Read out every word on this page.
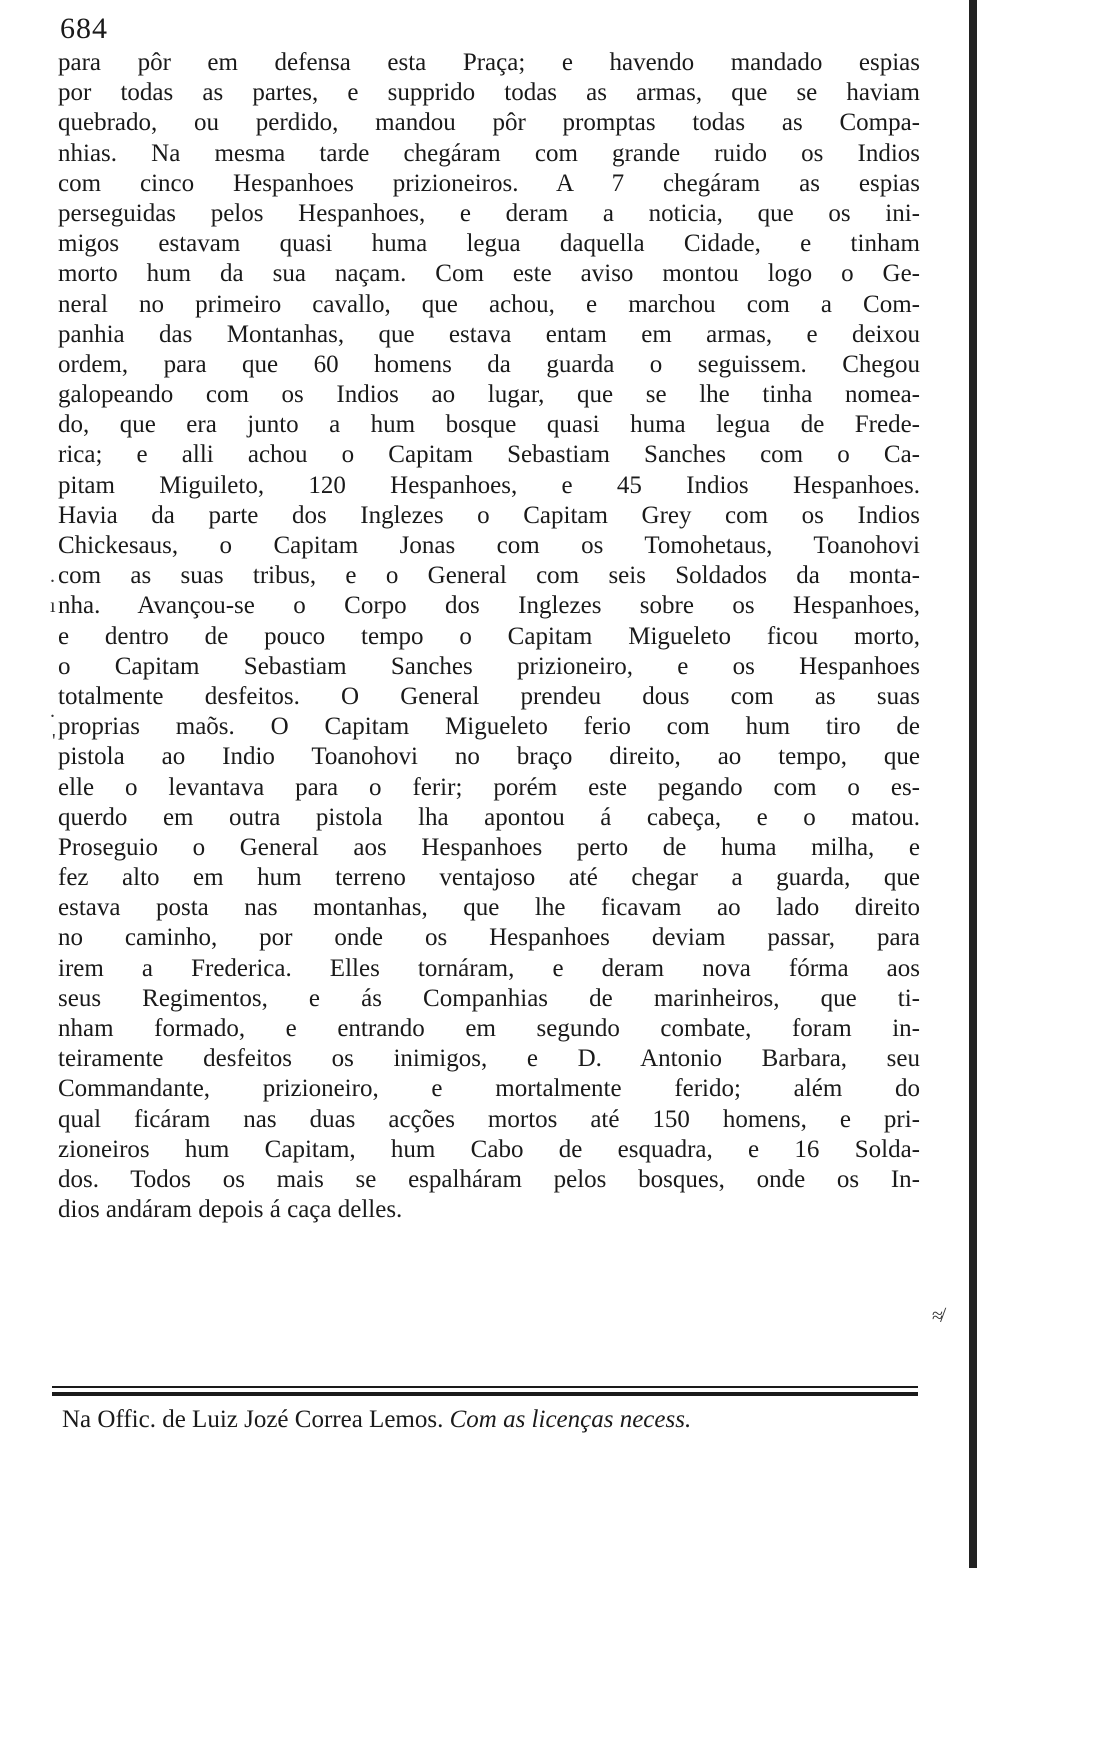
684
para pôr em defensa esta Praça; e havendo mandado espias
por todas as partes, e supprido todas as armas, que se haviam
quebrado, ou perdido, mandou pôr promptas todas as Compa-
nhias. Na mesma tarde chegáram com grande ruido os Indios
com cinco Hespanhoes prizioneiros. A 7 chegáram as espias
perseguidas pelos Hespanhoes, e deram a noticia, que os ini-
migos estavam quasi huma legua daquella Cidade, e tinham
morto hum da sua naçam. Com este aviso montou logo o Ge-
neral no primeiro cavallo, que achou, e marchou com a Com-
panhia das Montanhas, que estava entam em armas, e deixou
ordem, para que 60 homens da guarda o seguissem. Chegou
galopeando com os Indios ao lugar, que se lhe tinha nomea-
do, que era junto a hum bosque quasi huma legua de Frede-
rica; e alli achou o Capitam Sebastiam Sanches com o Ca-
pitam Miguileto, 120 Hespanhoes, e 45 Indios Hespanhoes.
Havia da parte dos Inglezes o Capitam Grey com os Indios
Chickesaus, o Capitam Jonas com os Tomohetaus, Toanohovi
com as suas tribus, e o General com seis Soldados da monta-
nha. Avançou-se o Corpo dos Inglezes sobre os Hespanhoes,
e dentro de pouco tempo o Capitam Migueleto ficou morto,
o Capitam Sebastiam Sanches prizioneiro, e os Hespanhoes
totalmente desfeitos. O General prendeu dous com as suas
proprias maõs. O Capitam Migueleto ferio com hum tiro de
pistola ao Indio Toanohovi no braço direito, ao tempo, que
elle o levantava para o ferir; porém este pegando com o es-
querdo em outra pistola lha apontou á cabeça, e o matou.
Proseguio o General aos Hespanhoes perto de huma milha, e
fez alto em hum terreno ventajoso até chegar a guarda, que
estava posta nas montanhas, que lhe ficavam ao lado direito
no caminho, por onde os Hespanhoes deviam passar, para
irem a Frederica. Elles tornáram, e deram nova fórma aos
seus Regimentos, e ás Companhias de marinheiros, que ti-
nham formado, e entrando em segundo combate, foram in-
teiramente desfeitos os inimigos, e D. Antonio Barbara, seu
Commandante, prizioneiro, e mortalmente ferido; além do
qual ficáram nas duas acções mortos até 150 homens, e pri-
zioneiros hum Capitam, hum Cabo de esquadra, e 16 Solda-
dos. Todos os mais se espalháram pelos bosques, onde os In-
dios andáram depois á caça delles.
.
ı
.
'
≉
Na Offic. de Luiz Jozé Correa Lemos. Com as licenças necess.
